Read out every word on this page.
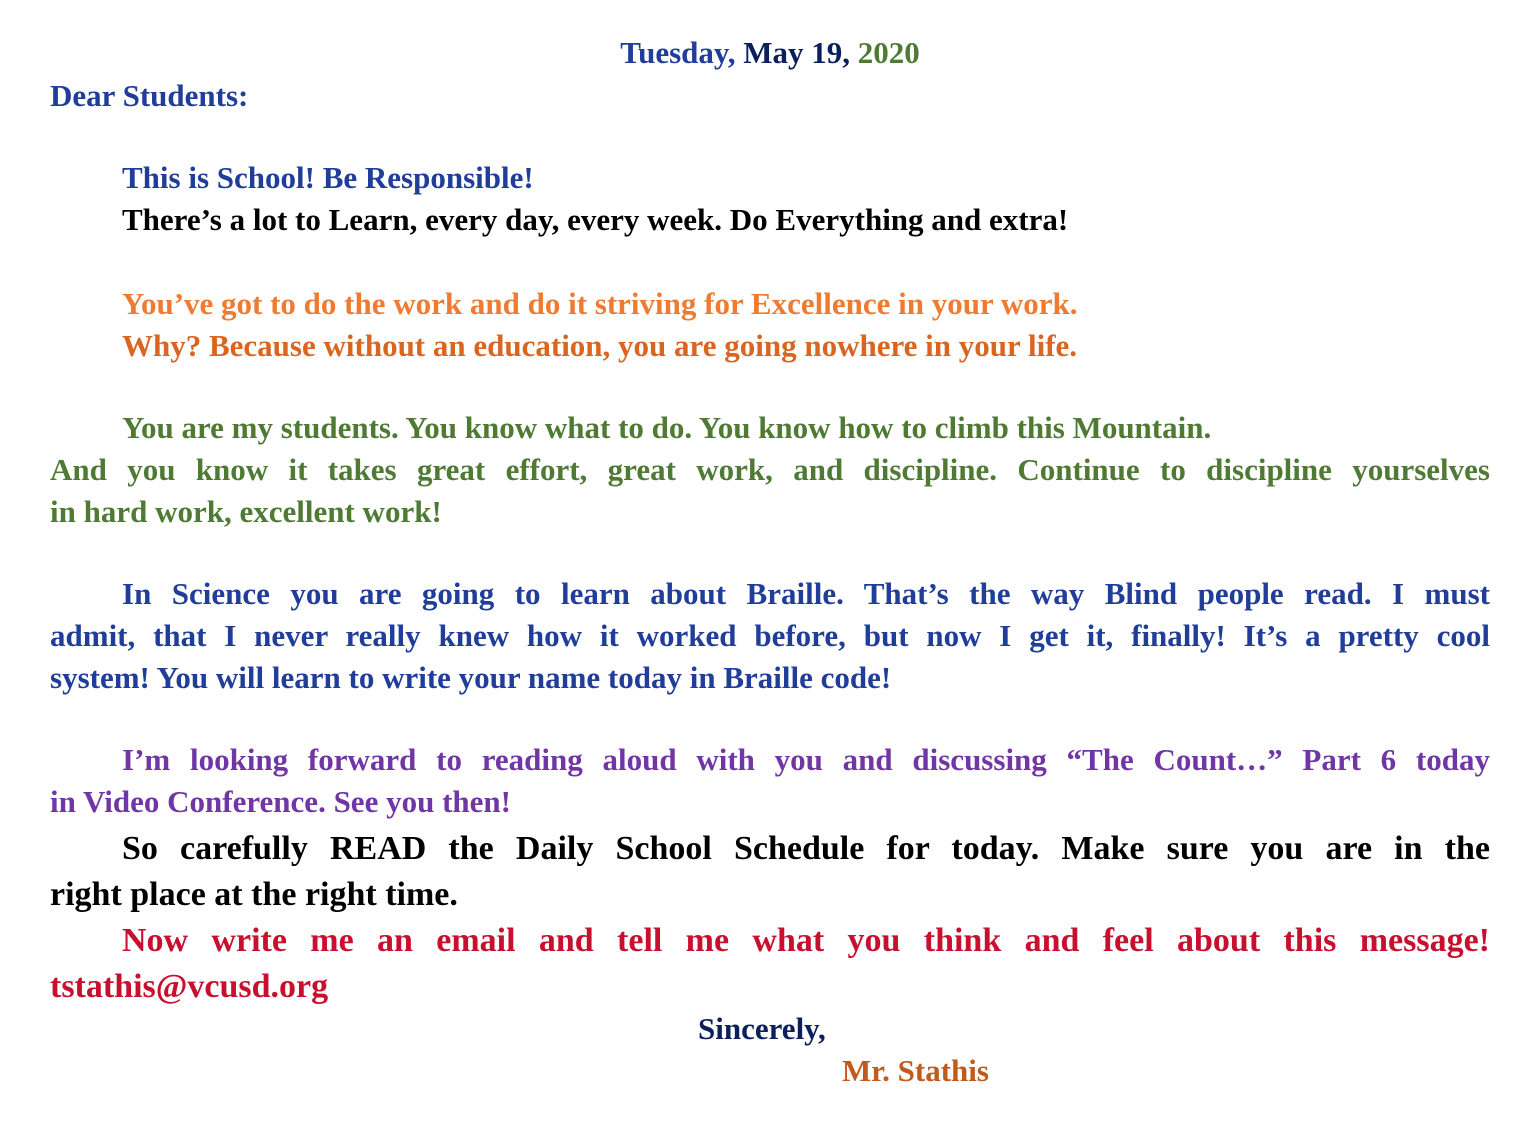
Tuesday, May 19, 2020
Dear Students:
This is School! Be Responsible!
There’s a lot to Learn, every day, every week. Do Everything and extra!
You’ve got to do the work and do it striving for Excellence in your work.
Why? Because without an education, you are going nowhere in your life.
You are my students. You know what to do. You know how to climb this Mountain.
And you know it takes great effort, great work, and discipline. Continue to discipline yourselves
in hard work, excellent work!
In Science you are going to learn about Braille. That’s the way Blind people read. I must
admit, that I never really knew how it worked before, but now I get it, finally! It’s a pretty cool
system! You will learn to write your name today in Braille code!
I’m looking forward to reading aloud with you and discussing “The Count…” Part 6 today
in Video Conference. See you then!
So carefully READ the Daily School Schedule for today. Make sure you are in the
right place at the right time.
Now write me an email and tell me what you think and feel about this message!
tstathis@vcusd.org
Sincerely,
Mr. Stathis
